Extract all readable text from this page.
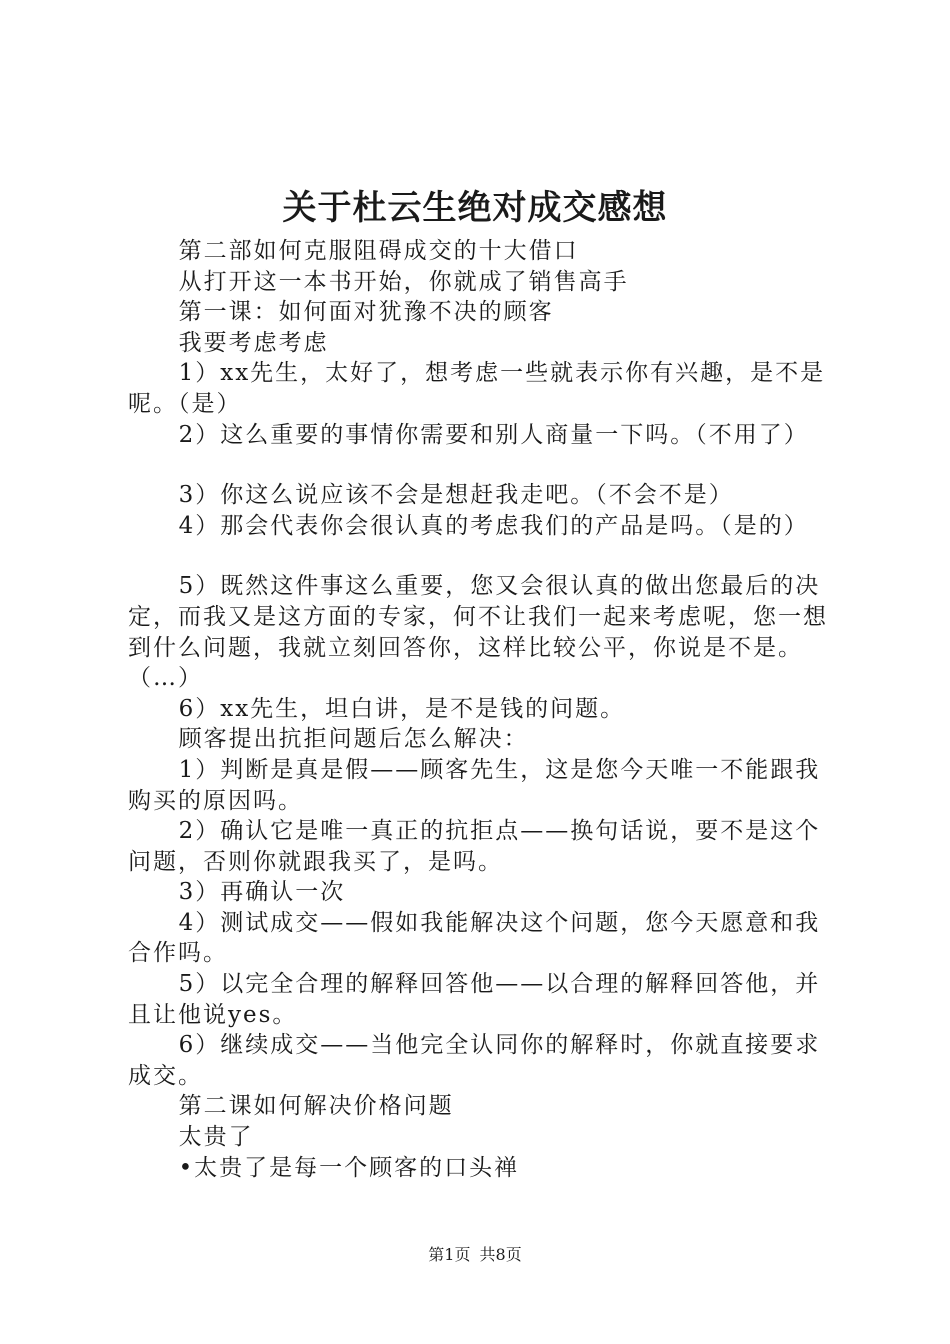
关于杜云生绝对成交感想

第二部如何克服阻碍成交的十大借口

从打开这一本书开始，你就成了销售高手

第一课：如何面对犹豫不决的顾客

我要考虑考虑

1）xx先生，太好了，想考虑一些就表示你有兴趣，是不是呢。（是）

2）这么重要的事情你需要和别人商量一下吗。（不用了）

3）你这么说应该不会是想赶我走吧。（不会不是）

4）那会代表你会很认真的考虑我们的产品是吗。（是的）

5）既然这件事这么重要，您又会很认真的做出您最后的决定，而我又是这方面的专家，何不让我们一起来考虑呢，您一想到什么问题，我就立刻回答你，这样比较公平，你说是不是。（…）

6）xx先生，坦白讲，是不是钱的问题。

顾客提出抗拒问题后怎么解决：

1）判断是真是假——顾客先生，这是您今天唯一不能跟我购买的原因吗。

2）确认它是唯一真正的抗拒点——换句话说，要不是这个问题，否则你就跟我买了，是吗。

3）再确认一次

4）测试成交——假如我能解决这个问题，您今天愿意和我合作吗。

5）以完全合理的解释回答他——以合理的解释回答他，并且让他说yes。

6）继续成交——当他完全认同你的解释时，你就直接要求成交。

第二课如何解决价格问题

太贵了

•太贵了是每一个顾客的口头禅

第1页 共8页
